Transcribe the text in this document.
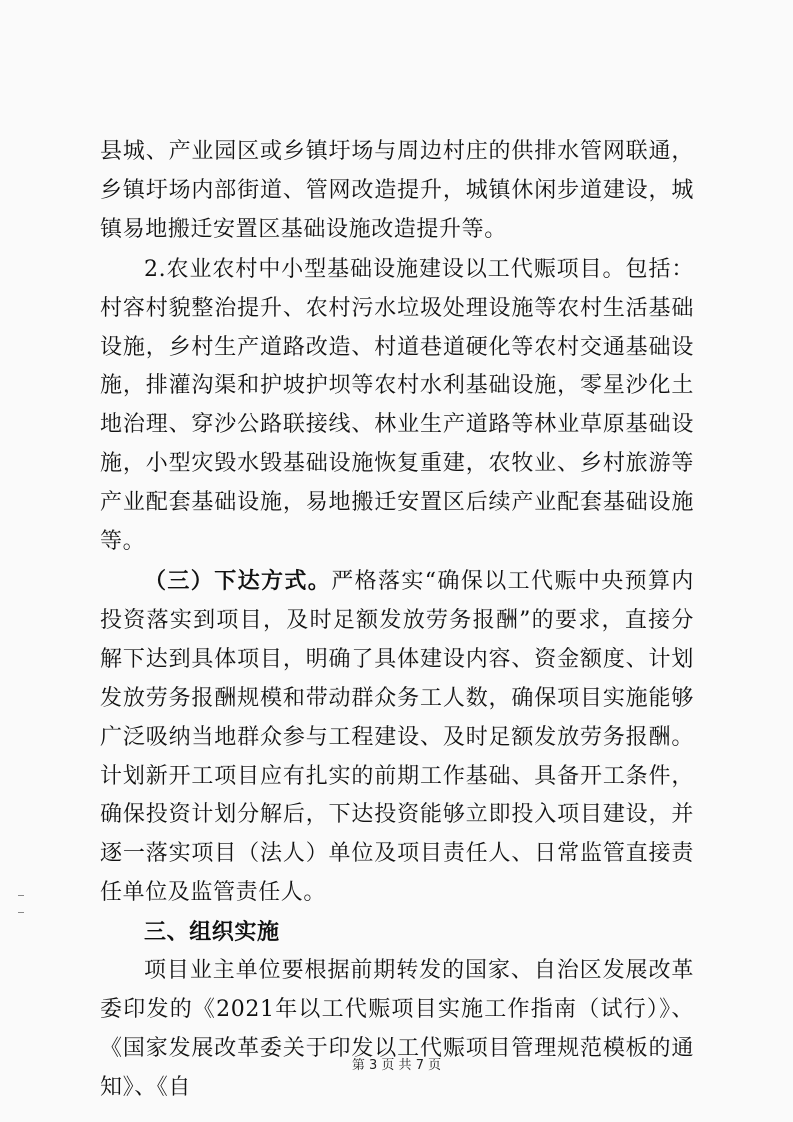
县城、产业园区或乡镇圩场与周边村庄的供排水管网联通，乡镇圩场内部街道、管网改造提升，城镇休闲步道建设，城镇易地搬迁安置区基础设施改造提升等。

2.农业农村中小型基础设施建设以工代赈项目。包括：村容村貌整治提升、农村污水垃圾处理设施等农村生活基础设施，乡村生产道路改造、村道巷道硬化等农村交通基础设施，排灌沟渠和护坡护坝等农村水利基础设施，零星沙化土地治理、穿沙公路联接线、林业生产道路等林业草原基础设施，小型灾毁水毁基础设施恢复重建，农牧业、乡村旅游等产业配套基础设施，易地搬迁安置区后续产业配套基础设施等。

（三）下达方式。严格落实“确保以工代赈中央预算内投资落实到项目，及时足额发放劳务报酬”的要求，直接分解下达到具体项目，明确了具体建设内容、资金额度、计划发放劳务报酬规模和带动群众务工人数，确保项目实施能够广泛吸纳当地群众参与工程建设、及时足额发放劳务报酬。计划新开工项目应有扎实的前期工作基础、具备开工条件，确保投资计划分解后，下达投资能够立即投入项目建设，并逐一落实项目（法人）单位及项目责任人、日常监管直接责任单位及监管责任人。

三、组织实施

项目业主单位要根据前期转发的国家、自治区发展改革委印发的《2021年以工代赈项目实施工作指南（试行）》、《国家发展改革委关于印发以工代赈项目管理规范模板的通知》、《自

第 3 页 共 7 页
